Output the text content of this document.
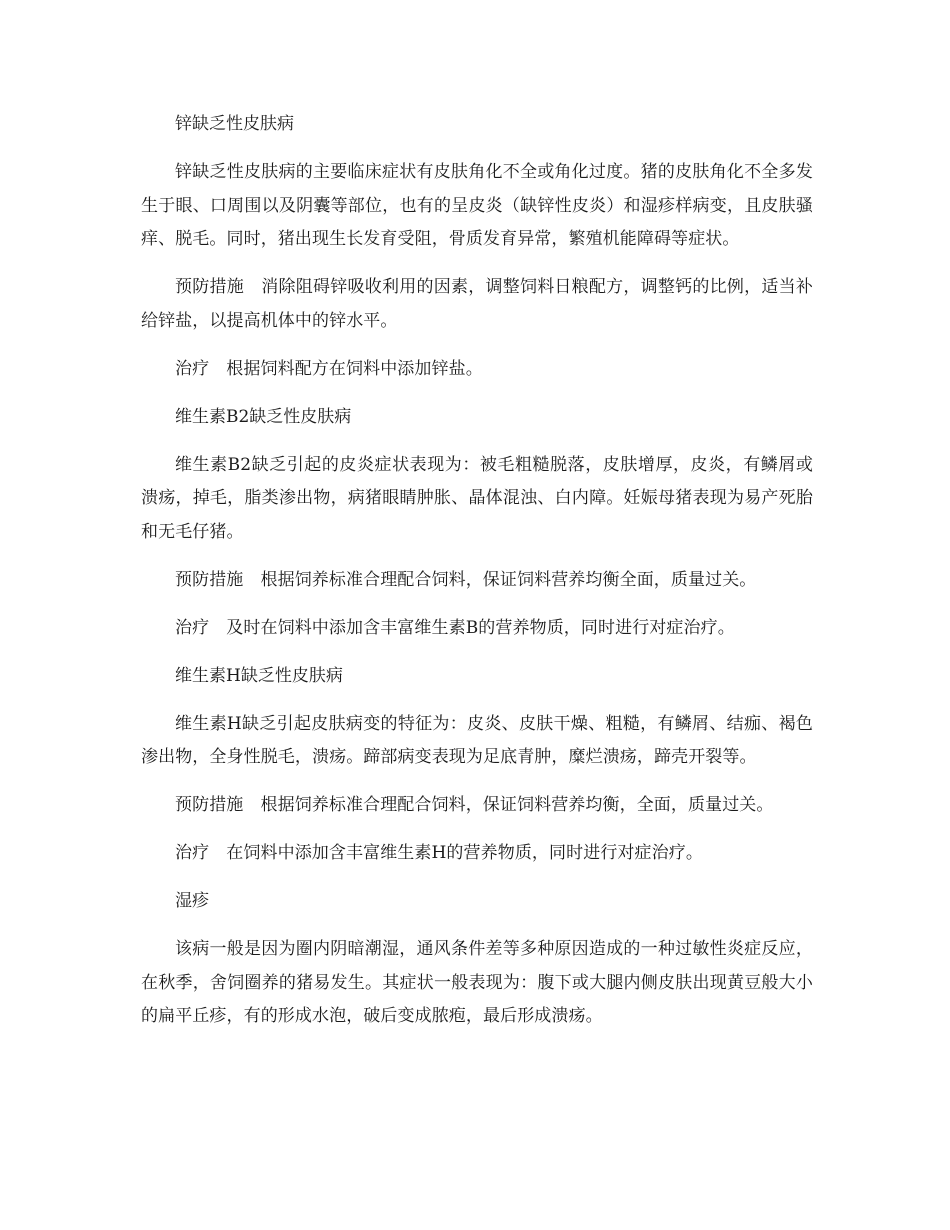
锌缺乏性皮肤病

锌缺乏性皮肤病的主要临床症状有皮肤角化不全或角化过度。猪的皮肤角化不全多发生于眼、口周围以及阴囊等部位，也有的呈皮炎（缺锌性皮炎）和湿疹样病变，且皮肤骚痒、脱毛。同时，猪出现生长发育受阻，骨质发育异常，繁殖机能障碍等症状。

预防措施　消除阻碍锌吸收利用的因素，调整饲料日粮配方，调整钙的比例，适当补给锌盐，以提高机体中的锌水平。

治疗　根据饲料配方在饲料中添加锌盐。

维生素B2缺乏性皮肤病

维生素B2缺乏引起的皮炎症状表现为：被毛粗糙脱落，皮肤增厚，皮炎，有鳞屑或溃疡，掉毛，脂类渗出物，病猪眼睛肿胀、晶体混浊、白内障。妊娠母猪表现为易产死胎和无毛仔猪。

预防措施　根据饲养标准合理配合饲料，保证饲料营养均衡全面，质量过关。

治疗　及时在饲料中添加含丰富维生素B的营养物质，同时进行对症治疗。

维生素H缺乏性皮肤病

维生素H缺乏引起皮肤病变的特征为：皮炎、皮肤干燥、粗糙，有鳞屑、结痂、褐色渗出物，全身性脱毛，溃疡。蹄部病变表现为足底青肿，糜烂溃疡，蹄壳开裂等。

预防措施　根据饲养标准合理配合饲料，保证饲料营养均衡，全面，质量过关。

治疗　在饲料中添加含丰富维生素H的营养物质，同时进行对症治疗。

湿疹

该病一般是因为圈内阴暗潮湿，通风条件差等多种原因造成的一种过敏性炎症反应，在秋季，舍饲圈养的猪易发生。其症状一般表现为：腹下或大腿内侧皮肤出现黄豆般大小的扁平丘疹，有的形成水泡，破后变成脓疱，最后形成溃疡。
